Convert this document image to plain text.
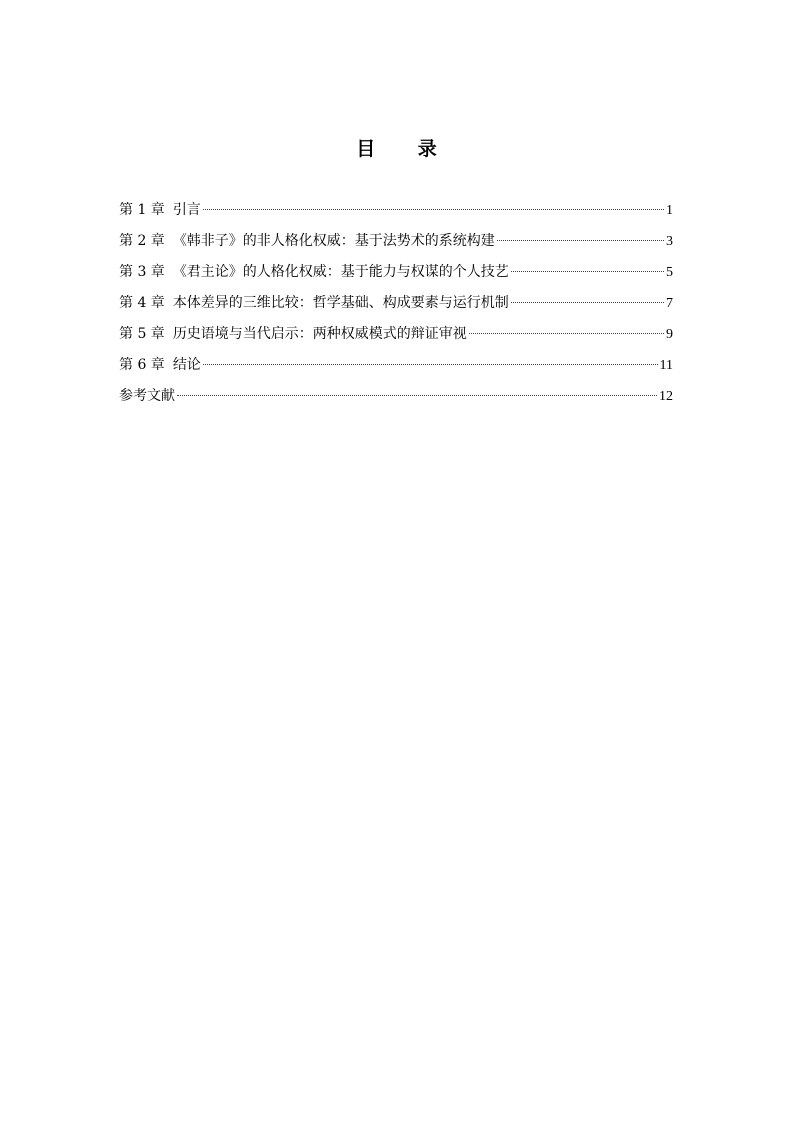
目 录
第 1 章 引言	1
第 2 章 《韩非子》的非人格化权威：基于法势术的系统构建	3
第 3 章 《君主论》的人格化权威：基于能力与权谋的个人技艺	5
第 4 章 本体差异的三维比较：哲学基础、构成要素与运行机制	7
第 5 章 历史语境与当代启示：两种权威模式的辩证审视	9
第 6 章 结论	11
参考文献	12
